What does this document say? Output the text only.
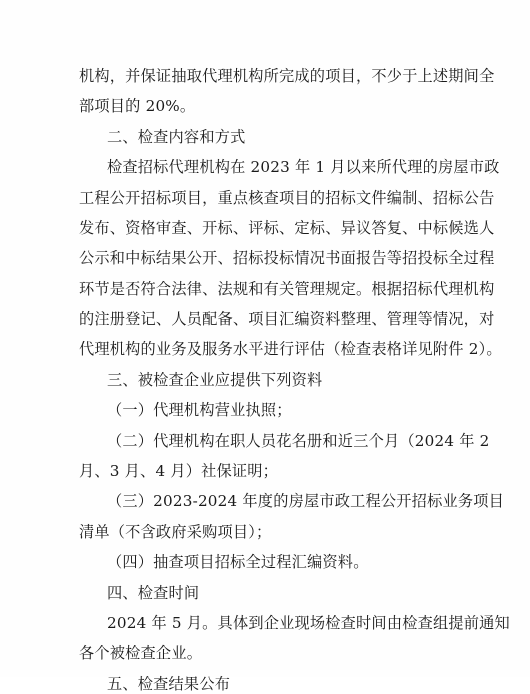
机构，并保证抽取代理机构所完成的项目，不少于上述期间全
部项目的 20%。
二、检查内容和方式
检查招标代理机构在 2023 年 1 月以来所代理的房屋市政
工程公开招标项目，重点核查项目的招标文件编制、招标公告
发布、资格审查、开标、评标、定标、异议答复、中标候选人
公示和中标结果公开、招标投标情况书面报告等招投标全过程
环节是否符合法律、法规和有关管理规定。根据招标代理机构
的注册登记、人员配备、项目汇编资料整理、管理等情况，对
代理机构的业务及服务水平进行评估（检查表格详见附件 2）。
三、被检查企业应提供下列资料
（一）代理机构营业执照；
（二）代理机构在职人员花名册和近三个月（2024 年 2
月、3 月、4 月）社保证明；
（三）2023-2024 年度的房屋市政工程公开招标业务项目
清单（不含政府采购项目）；
（四）抽查项目招标全过程汇编资料。
四、检查时间
2024 年 5 月。具体到企业现场检查时间由检查组提前通知
各个被检查企业。
五、检查结果公布
